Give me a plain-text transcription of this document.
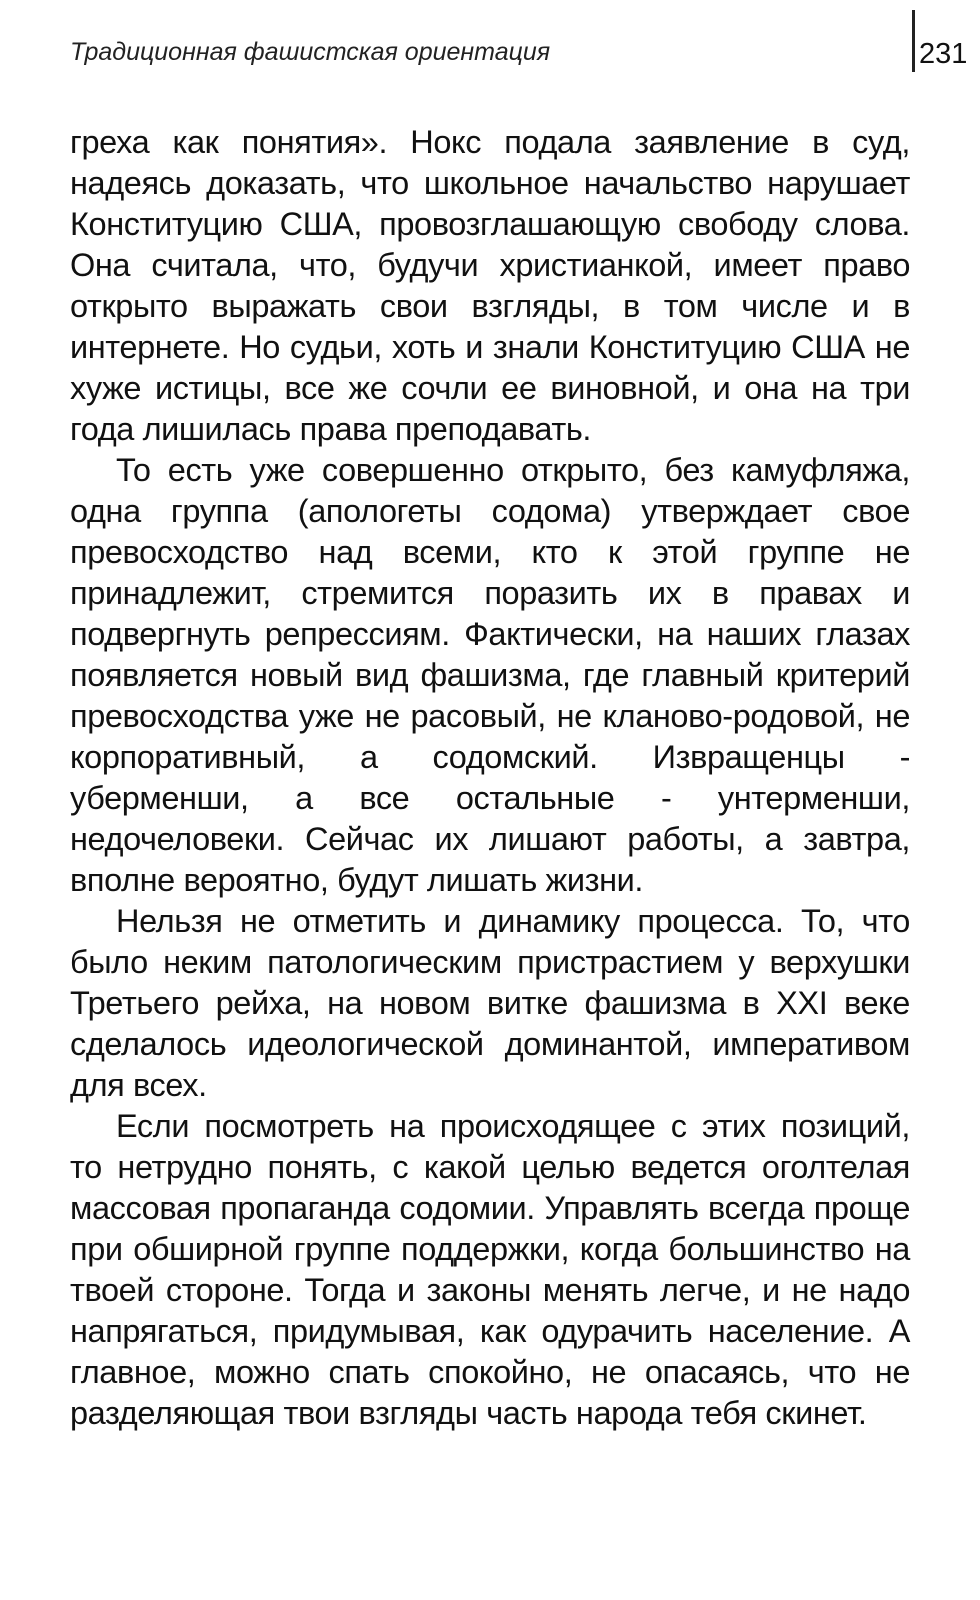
Традиционная фашистская ориентация	231

греха как понятия». Нокс подала заявление в суд, надеясь доказать, что школьное начальство нарушает Конституцию США, провозглашающую свободу слова. Она считала, что, будучи христианкой, имеет право открыто выражать свои взгляды, в том числе и в интернете. Но судьи, хоть и знали Конституцию США не хуже истицы, все же сочли ее виновной, и она на три года лишилась права преподавать.

То есть уже совершенно открыто, без камуфляжа, одна группа (апологеты содома) утверждает свое превосходство над всеми, кто к этой группе не принадлежит, стремится поразить их в правах и подвергнуть репрессиям. Фактически, на наших глазах появляется новый вид фашизма, где главный критерий превосходства уже не расовый, не кланово-родовой, не корпоративный, а содомский. Извращенцы - уберменши, а все остальные - унтерменши, недочеловеки. Сейчас их лишают работы, а завтра, вполне вероятно, будут лишать жизни.

Нельзя не отметить и динамику процесса. То, что было неким патологическим пристрастием у верхушки Третьего рейха, на новом витке фашизма в XXI веке сделалось идеологической доминантой, императивом для всех.

Если посмотреть на происходящее с этих позиций, то нетрудно понять, с какой целью ведется оголтелая массовая пропаганда содомии. Управлять всегда проще при обширной группе поддержки, когда большинство на твоей стороне. Тогда и законы менять легче, и не надо напрягаться, придумывая, как одурачить население. А главное, можно спать спокойно, не опасаясь, что не разделяющая твои взгляды часть народа тебя скинет.
